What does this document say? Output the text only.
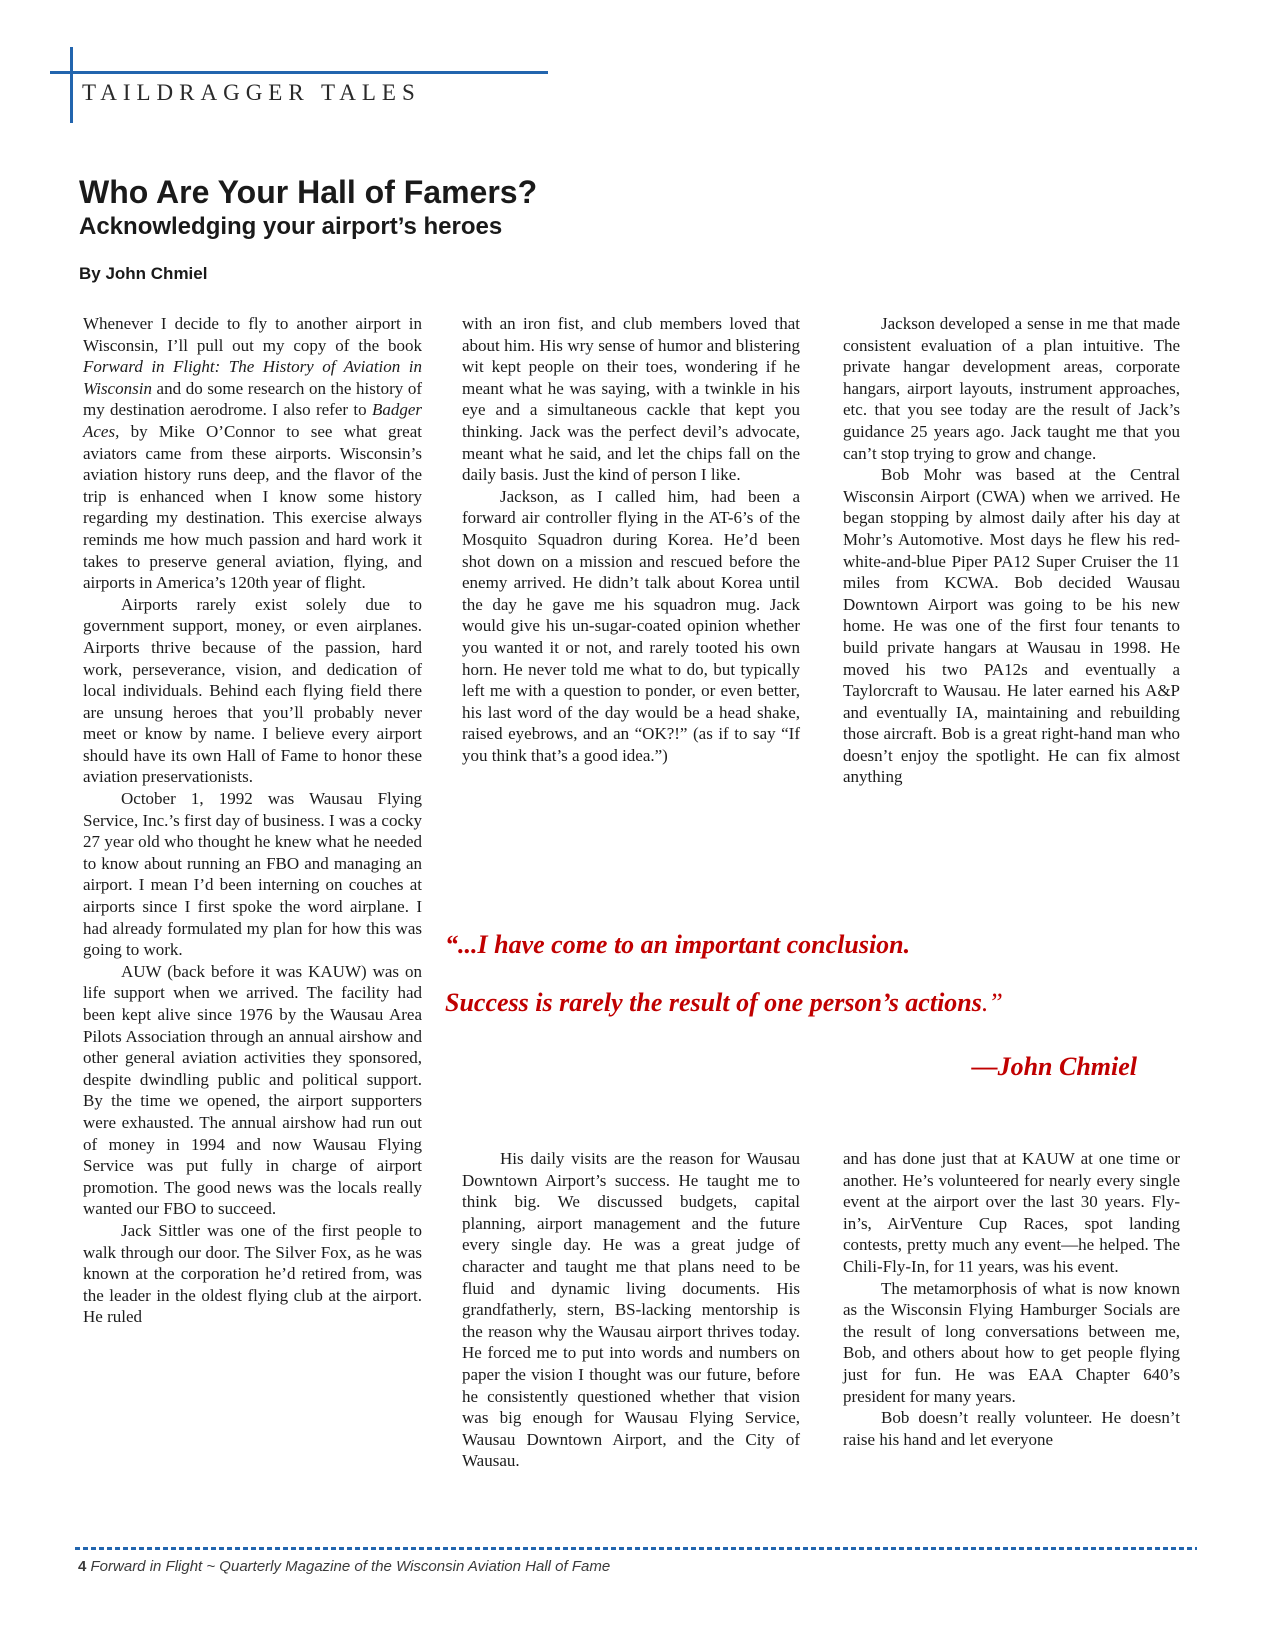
TAILDRAGGER TALES
Who Are Your Hall of Famers?
Acknowledging your airport’s heroes
By John Chmiel

Whenever I decide to fly to another airport in Wisconsin, I’ll pull out my copy of the book Forward in Flight: The History of Aviation in Wisconsin and do some research on the history of my destination aerodrome. I also refer to Badger Aces, by Mike O’Connor to see what great aviators came from these airports. Wisconsin’s aviation history runs deep, and the flavor of the trip is enhanced when I know some history regarding my destination. This exercise always reminds me how much passion and hard work it takes to preserve general aviation, flying, and airports in America’s 120th year of flight.

Airports rarely exist solely due to government support, money, or even airplanes. Airports thrive because of the passion, hard work, perseverance, vision, and dedication of local individuals. Behind each flying field there are unsung heroes that you’ll probably never meet or know by name. I believe every airport should have its own Hall of Fame to honor these aviation preservationists.

October 1, 1992 was Wausau Flying Service, Inc.’s first day of business. I was a cocky 27 year old who thought he knew what he needed to know about running an FBO and managing an airport. I mean I’d been interning on couches at airports since I first spoke the word airplane. I had already formulated my plan for how this was going to work.

AUW (back before it was KAUW) was on life support when we arrived. The facility had been kept alive since 1976 by the Wausau Area Pilots Association through an annual airshow and other general aviation activities they sponsored, despite dwindling public and political support. By the time we opened, the airport supporters were exhausted. The annual airshow had run out of money in 1994 and now Wausau Flying Service was put fully in charge of airport promotion. The good news was the locals really wanted our FBO to succeed.

Jack Sittler was one of the first people to walk through our door. The Silver Fox, as he was known at the corporation he’d retired from, was the leader in the oldest flying club at the airport. He ruled

with an iron fist, and club members loved that about him. His wry sense of humor and blistering wit kept people on their toes, wondering if he meant what he was saying, with a twinkle in his eye and a simultaneous cackle that kept you thinking. Jack was the perfect devil’s advocate, meant what he said, and let the chips fall on the daily basis. Just the kind of person I like.

Jackson, as I called him, had been a forward air controller flying in the AT-6’s of the Mosquito Squadron during Korea. He’d been shot down on a mission and rescued before the enemy arrived. He didn’t talk about Korea until the day he gave me his squadron mug. Jack would give his un-sugar-coated opinion whether you wanted it or not, and rarely tooted his own horn. He never told me what to do, but typically left me with a question to ponder, or even better, his last word of the day would be a head shake, raised eyebrows, and an “OK?!” (as if to say “If you think that’s a good idea.”)

Jackson developed a sense in me that made consistent evaluation of a plan intuitive. The private hangar development areas, corporate hangars, airport layouts, instrument approaches, etc. that you see today are the result of Jack’s guidance 25 years ago. Jack taught me that you can’t stop trying to grow and change.

Bob Mohr was based at the Central Wisconsin Airport (CWA) when we arrived. He began stopping by almost daily after his day at Mohr’s Automotive. Most days he flew his red-white-and-blue Piper PA12 Super Cruiser the 11 miles from KCWA. Bob decided Wausau Downtown Airport was going to be his new home. He was one of the first four tenants to build private hangars at Wausau in 1998. He moved his two PA12s and eventually a Taylorcraft to Wausau. He later earned his A&P and eventually IA, maintaining and rebuilding those aircraft. Bob is a great right-hand man who doesn’t enjoy the spotlight. He can fix almost anything

“...I have come to an important conclusion.
Success is rarely the result of one person’s actions.”
—John Chmiel

His daily visits are the reason for Wausau Downtown Airport’s success. He taught me to think big. We discussed budgets, capital planning, airport management and the future every single day. He was a great judge of character and taught me that plans need to be fluid and dynamic living documents. His grandfatherly, stern, BS-lacking mentorship is the reason why the Wausau airport thrives today. He forced me to put into words and numbers on paper the vision I thought was our future, before he consistently questioned whether that vision was big enough for Wausau Flying Service, Wausau Downtown Airport, and the City of Wausau.

and has done just that at KAUW at one time or another. He’s volunteered for nearly every single event at the airport over the last 30 years. Fly-in’s, AirVenture Cup Races, spot landing contests, pretty much any event—he helped. The Chili-Fly-In, for 11 years, was his event.

The metamorphosis of what is now known as the Wisconsin Flying Hamburger Socials are the result of long conversations between me, Bob, and others about how to get people flying just for fun. He was EAA Chapter 640’s president for many years.

Bob doesn’t really volunteer. He doesn’t raise his hand and let everyone

4 Forward in Flight ~ Quarterly Magazine of the Wisconsin Aviation Hall of Fame
